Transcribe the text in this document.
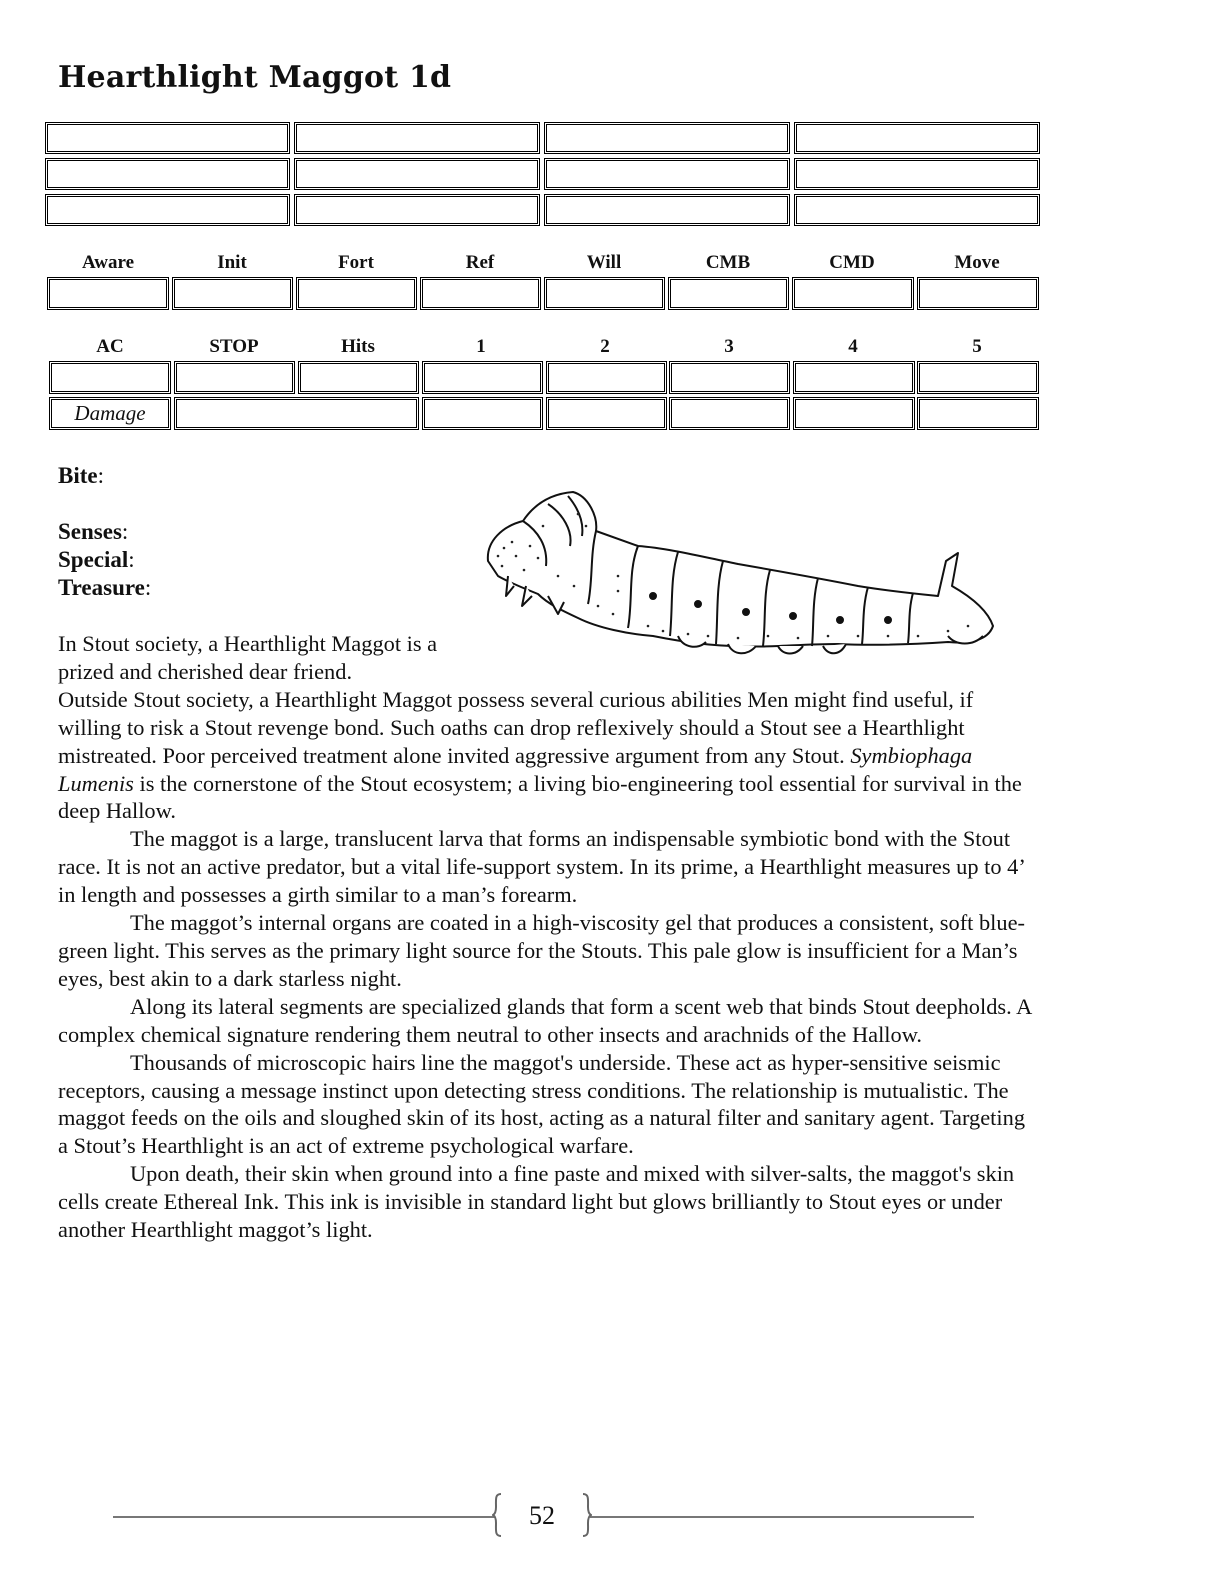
Hearthlight Maggot 1d
Aware	Init	Fort	Ref	Will	CMB	CMD	Move
AC	STOP	Hits	1	2	3	4	5
Damage
Bite:
Senses:
Special:
Treasure:

In Stout society, a Hearthlight Maggot is a prized and cherished dear friend.

Outside Stout society, a Hearthlight Maggot possess several curious abilities Men might find useful, if willing to risk a Stout revenge bond. Such oaths can drop reflexively should a Stout see a Hearthlight mistreated. Poor perceived treatment alone invited aggressive argument from any Stout. Symbiophaga Lumenis is the cornerstone of the Stout ecosystem; a living bio-engineering tool essential for survival in the deep Hallow.

The maggot is a large, translucent larva that forms an indispensable symbiotic bond with the Stout race. It is not an active predator, but a vital life-support system. In its prime, a Hearthlight measures up to 4’ in length and possesses a girth similar to a man’s forearm.

The maggot’s internal organs are coated in a high-viscosity gel that produces a consistent, soft blue-green light. This serves as the primary light source for the Stouts. This pale glow is insufficient for a Man’s eyes, best akin to a dark starless night.

Along its lateral segments are specialized glands that form a scent web that binds Stout deepholds. A complex chemical signature rendering them neutral to other insects and arachnids of the Hallow.

Thousands of microscopic hairs line the maggot's underside. These act as hyper-sensitive seismic receptors, causing a message instinct upon detecting stress conditions. The relationship is mutualistic. The maggot feeds on the oils and sloughed skin of its host, acting as a natural filter and sanitary agent. Targeting a Stout’s Hearthlight is an act of extreme psychological warfare.

Upon death, their skin when ground into a fine paste and mixed with silver-salts, the maggot's skin cells create Ethereal Ink. This ink is invisible in standard light but glows brilliantly to Stout eyes or under another Hearthlight maggot’s light.

52
